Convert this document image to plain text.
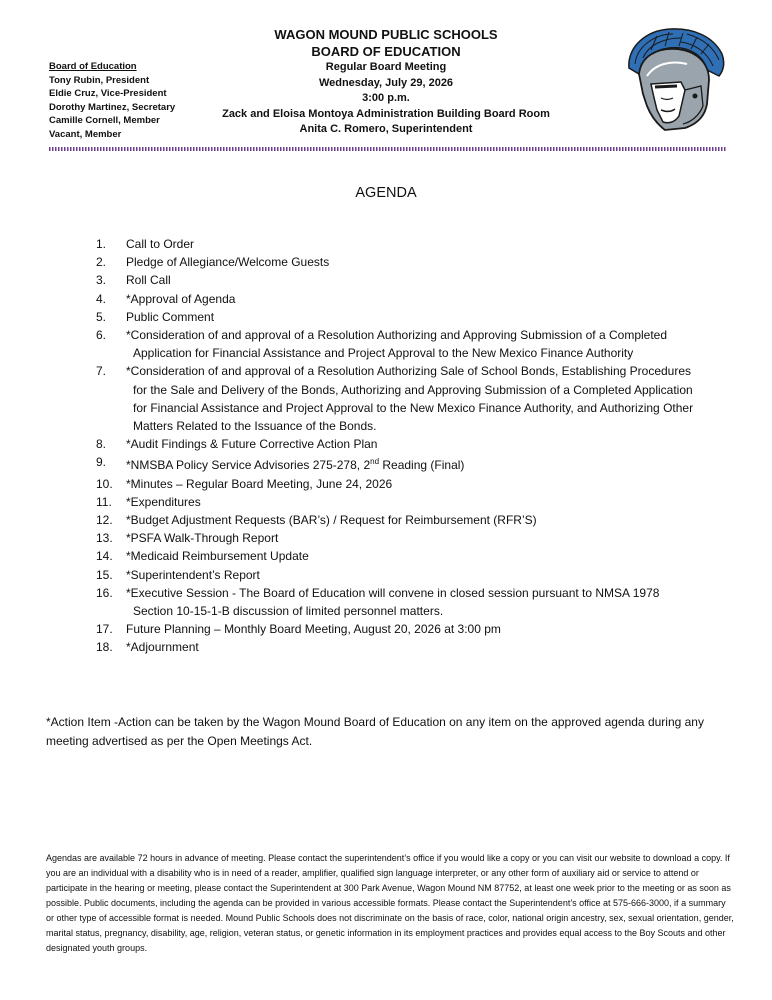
Board of Education
Tony Rubin, President
Eldie Cruz, Vice-President
Dorothy Martinez, Secretary
Camille Cornell, Member
Vacant, Member
WAGON MOUND PUBLIC SCHOOLS
BOARD OF EDUCATION
Regular Board Meeting
Wednesday, July 29, 2026
3:00 p.m.
Zack and Eloisa Montoya Administration Building Board Room
Anita C. Romero, Superintendent
AGENDA
1.	Call to Order
2.	Pledge of Allegiance/Welcome Guests
3.	Roll Call
4.	*Approval of Agenda
5.	Public Comment
6.	*Consideration of and approval of a Resolution Authorizing and Approving Submission of a Completed
Application for Financial Assistance and Project Approval to the New Mexico Finance Authority
7.	*Consideration of and approval of a Resolution Authorizing Sale of School Bonds, Establishing Procedures
for the Sale and Delivery of the Bonds, Authorizing and Approving Submission of a Completed Application
for Financial Assistance and Project Approval to the New Mexico Finance Authority, and Authorizing Other
Matters Related to the Issuance of the Bonds.
8.	*Audit Findings & Future Corrective Action Plan
9.	*NMSBA Policy Service Advisories 275-278, 2nd Reading (Final)
10.	*Minutes – Regular Board Meeting, June 24, 2026
11.	*Expenditures
12.	*Budget Adjustment Requests (BAR’s) / Request for Reimbursement (RFR’S)
13.	*PSFA Walk-Through Report
14.	*Medicaid Reimbursement Update
15.	*Superintendent’s Report
16.	*Executive Session - The Board of Education will convene in closed session pursuant to NMSA 1978
Section 10-15-1-B discussion of limited personnel matters.
17.	Future Planning – Monthly Board Meeting, August 20, 2026 at 3:00 pm
18.	*Adjournment
*Action Item -Action can be taken by the Wagon Mound Board of Education on any item on the approved agenda during any meeting advertised as per the Open Meetings Act.
Agendas are available 72 hours in advance of meeting. Please contact the superintendent’s office if you would like a copy or you can visit our website to download a copy. If you are an individual with a disability who is in need of a reader, amplifier, qualified sign language interpreter, or any other form of auxiliary aid or service to attend or participate in the hearing or meeting, please contact the Superintendent at 300 Park Avenue, Wagon Mound NM 87752, at least one week prior to the meeting or as soon as possible. Public documents, including the agenda can be provided in various accessible formats. Please contact the Superintendent’s office at 575-666-3000, if a summary or other type of accessible format is needed. Mound Public Schools does not discriminate on the basis of race, color, national origin ancestry, sex, sexual orientation, gender, marital status, pregnancy, disability, age, religion, veteran status, or genetic information in its employment practices and provides equal access to the Boy Scouts and other designated youth groups.
